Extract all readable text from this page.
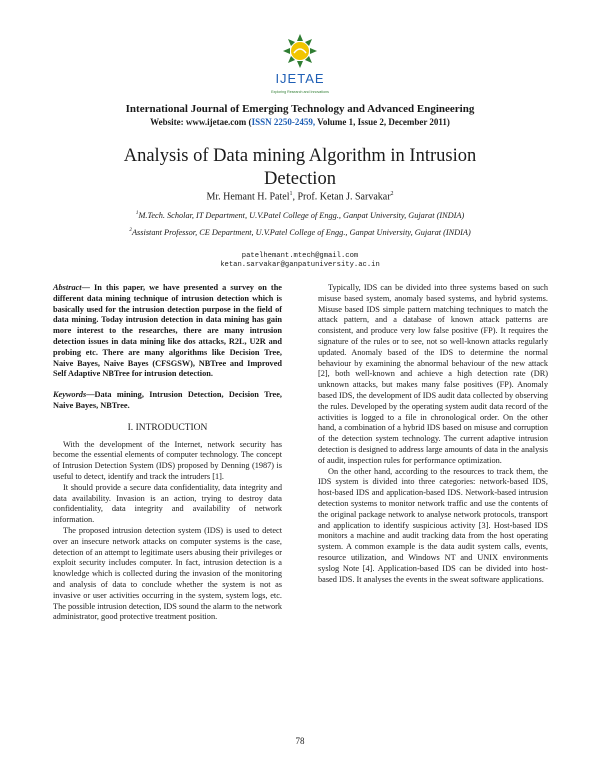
IJETAE
Exploring Research and Innovations
International Journal of Emerging Technology and Advanced Engineering
Website: www.ijetae.com (ISSN 2250-2459, Volume 1, Issue 2, December 2011)
Analysis of Data mining Algorithm in Intrusion
Detection
Mr. Hemant H. Patel$^1$, Prof. Ketan J. Sarvakar$^2$
$^1$M.Tech. Scholar, IT Department, U.V.Patel College of Engg., Ganpat University, Gujarat (INDIA)
$^2$Assistant Professor, CE Department, U.V.Patel College of Engg., Ganpat University, Gujarat (INDIA)
patelhemant.mtech@gmail.com
ketan.sarvakar@ganpatuniversity.ac.in

Abstract— In this paper, we have presented a survey on the different data mining technique of intrusion detection which is basically used for the intrusion detection purpose in the field of data mining. Today intrusion detection in data mining has gain more interest to the researches, there are many intrusion detection issues in data mining like dos attacks, R2L, U2R and probing etc. There are many algorithms like Decision Tree, Naive Bayes, Naive Bayes (CFSGSW), NBTree and Improved Self Adaptive NBTree for intrusion detection.

Keywords—Data mining, Intrusion Detection, Decision Tree, Naive Bayes, NBTree.

I. INTRODUCTION

With the development of the Internet, network security has become the essential elements of computer technology. The concept of Intrusion Detection System (IDS) proposed by Denning (1987) is useful to detect, identify and track the intruders [1].

It should provide a secure data confidentiality, data integrity and data availability. Invasion is an action, trying to destroy data confidentiality, data integrity and availability of network information.

The proposed intrusion detection system (IDS) is used to detect over an insecure network attacks on computer systems is the case, detection of an attempt to legitimate users abusing their privileges or exploit security includes computer. In fact, intrusion detection is a knowledge which is collected during the invasion of the monitoring and analysis of data to conclude whether the system is not as invasive or user activities occurring in the system, system logs, etc. The possible intrusion detection, IDS sound the alarm to the network administrator, good protective treatment position.

Typically, IDS can be divided into three systems based on such misuse based system, anomaly based systems, and hybrid systems. Misuse based IDS simple pattern matching techniques to match the attack pattern, and a database of known attack patterns are consistent, and produce very low false positive (FP). It requires the signature of the rules or to see, not so well-known attacks regularly updated. Anomaly based of the IDS to determine the normal behaviour by examining the abnormal behaviour of the new attack [2], both well-known and achieve a high detection rate (DR) unknown attacks, but makes many false positives (FP). Anomaly based IDS, the development of IDS audit data collected by observing the rules. Developed by the operating system audit data record of the activities is logged to a file in chronological order. On the other hand, a combination of a hybrid IDS based on misuse and corruption of the detection system technology. The current adaptive intrusion detection is designed to address large amounts of data in the analysis of audit, inspection rules for performance optimization.

On the other hand, according to the resources to track them, the IDS system is divided into three categories: network-based IDS, host-based IDS and application-based IDS. Network-based intrusion detection systems to monitor network traffic and use the contents of the original package network to analyse network protocols, transport and application to identify suspicious activity [3]. Host-based IDS monitors a machine and audit tracking data from the host operating system. A common example is the data audit system calls, events, resource utilization, and Windows NT and UNIX environments syslog Note [4]. Application-based IDS can be divided into host-based IDS. It analyses the events in the sweat software applications.

78
